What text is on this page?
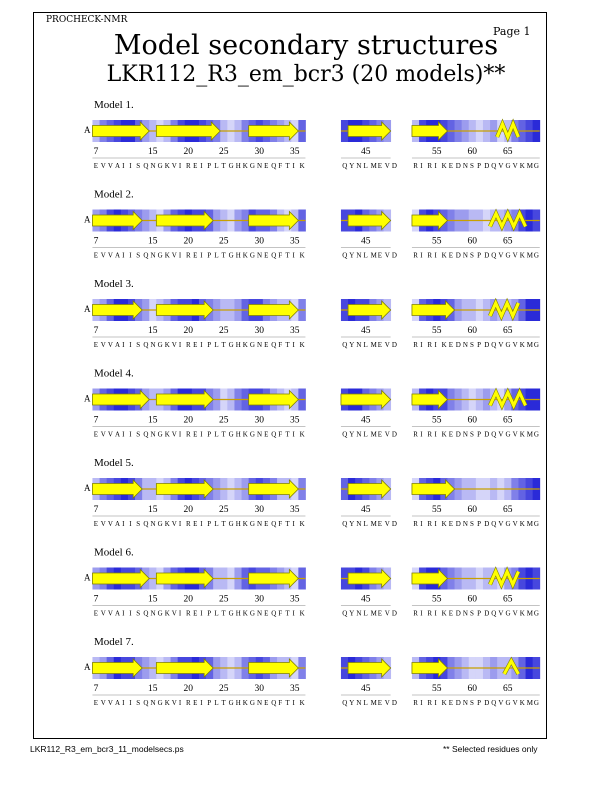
PROCHECK-NMR
Page 1
Model secondary structures
LKR112_R3_em_bcr3 (20 models)**
Model 1.
A
7	15	20	25	30	35	45	55	60	65
E V V A I I S Q N G K V I R E I P L T G H K G N E Q F T I K	Q Y N L ME V D R I R I K E D N S P D Q V G V K MG
Model 2.
A
7	15	20	25	30	35	45	55	60	65
E V V A I I S Q N G K V I R E I P L T G H K G N E Q F T I K	Q Y N L ME V D R I R I K E D N S P D Q V G V K MG
Model 3.
A
7	15	20	25	30	35	45	55	60	65
E V V A I I S Q N G K V I R E I P L T G H K G N E Q F T I K	Q Y N L ME V D R I R I K E D N S P D Q V G V K MG
Model 4.
A
7	15	20	25	30	35	45	55	60	65
E V V A I I S Q N G K V I R E I P L T G H K G N E Q F T I K	Q Y N L ME V D R I R I K E D N S P D Q V G V K MG
Model 5.
A
7	15	20	25	30	35	45	55	60	65
E V V A I I S Q N G K V I R E I P L T G H K G N E Q F T I K	Q Y N L ME V D R I R I K E D N S P D Q V G V K MG
Model 6.
A
7	15	20	25	30	35	45	55	60	65
E V V A I I S Q N G K V I R E I P L T G H K G N E Q F T I K	Q Y N L ME V D R I R I K E D N S P D Q V G V K MG
Model 7.
A
7	15	20	25	30	35	45	55	60	65
E V V A I I S Q N G K V I R E I P L T G H K G N E Q F T I K	Q Y N L ME V D R I R I K E D N S P D Q V G V K MG
LKR112_R3_em_bcr3_11_modelsecs.ps	** Selected residues only
